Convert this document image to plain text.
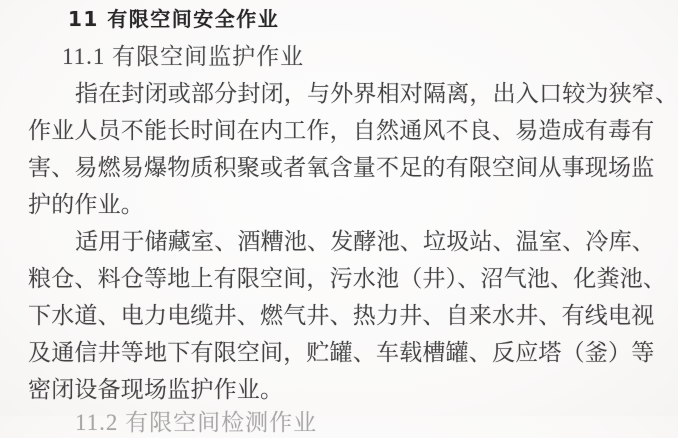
11 有限空间安全作业
11.1 有限空间监护作业
指在封闭或部分封闭，与外界相对隔离，出入口较为狭窄、
作业人员不能长时间在内工作，自然通风不良、易造成有毒有
害、易燃易爆物质积聚或者氧含量不足的有限空间从事现场监
护的作业。
适用于储藏室、酒糟池、发酵池、垃圾站、温室、冷库、
粮仓、料仓等地上有限空间，污水池（井）、沼气池、化粪池、
下水道、电力电缆井、燃气井、热力井、自来水井、有线电视
及通信井等地下有限空间，贮罐、车载槽罐、反应塔（釜）等
密闭设备现场监护作业。
11.2 有限空间检测作业
